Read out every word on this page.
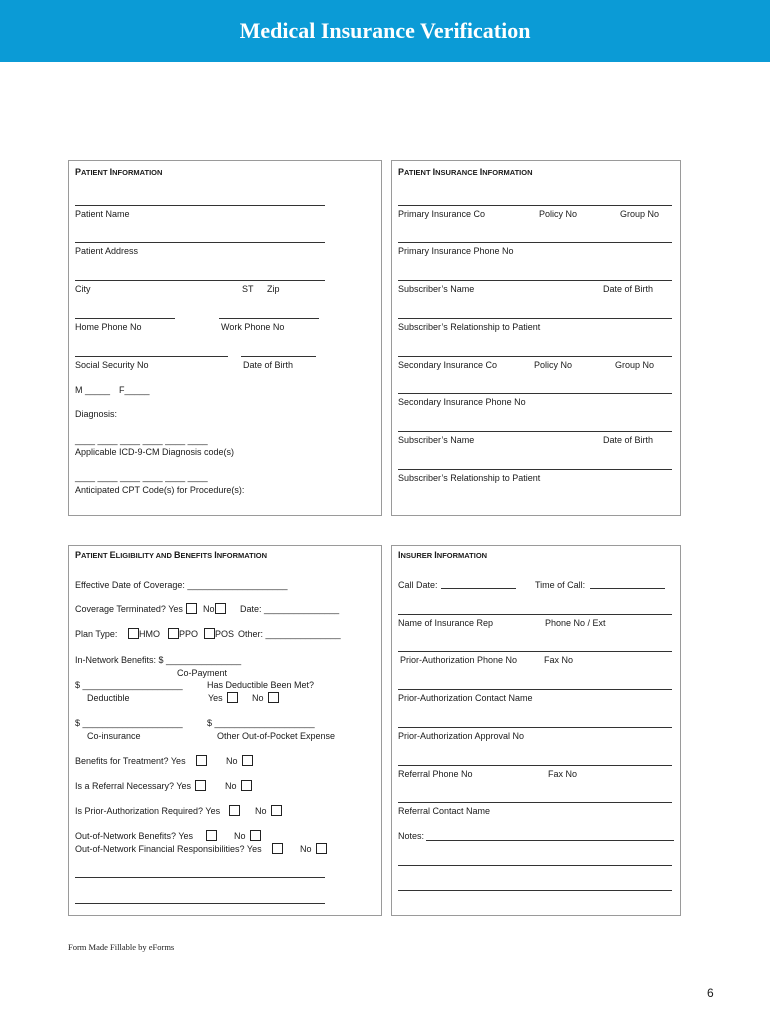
Medical Insurance Verification
PATIENT INFORMATION
Patient Name
Patient Address
City	ST Zip
Home Phone No	Work Phone No
Social Security No	Date of Birth
M _____ F_____
Diagnosis:
____ ____ ____ ____ ____ ____
Applicable ICD-9-CM Diagnosis code(s)
____ ____ ____ ____ ____ ____
Anticipated CPT Code(s) for Procedure(s):
PATIENT INSURANCE INFORMATION
Primary Insurance Co	Policy No	Group No
Primary Insurance Phone No
Subscriber’s Name	Date of Birth
Subscriber’s Relationship to Patient
Secondary Insurance Co	Policy No	Group No
Secondary Insurance Phone No
Subscriber’s Name	Date of Birth
Subscriber’s Relationship to Patient
PATIENT ELIGIBILITY AND BENEFITS INFORMATION
Effective Date of Coverage: ____________________
Coverage Terminated? Yes No	Date: _______________
Plan Type: HMO PPO POS Other: _______________
In-Network Benefits: $ _______________
Co-Payment
$ ____________________	Has Deductible Been Met?
Deductible	Yes	No
$ ____________________	$ ____________________
Co-insurance	Other Out-of-Pocket Expense
Benefits for Treatment? Yes	No
Is a Referral Necessary? Yes	No
Is Prior-Authorization Required? Yes	No
Out-of-Network Benefits? Yes	No
Out-of-Network Financial Responsibilities? Yes	No
INSURER INFORMATION
Call Date:	Time of Call:
Name of Insurance Rep	Phone No / Ext
Prior-Authorization Phone No	Fax No
Prior-Authorization Contact Name
Prior-Authorization Approval No
Referral Phone No	Fax No
Referral Contact Name
Notes:
Form Made Fillable by eForms
6
